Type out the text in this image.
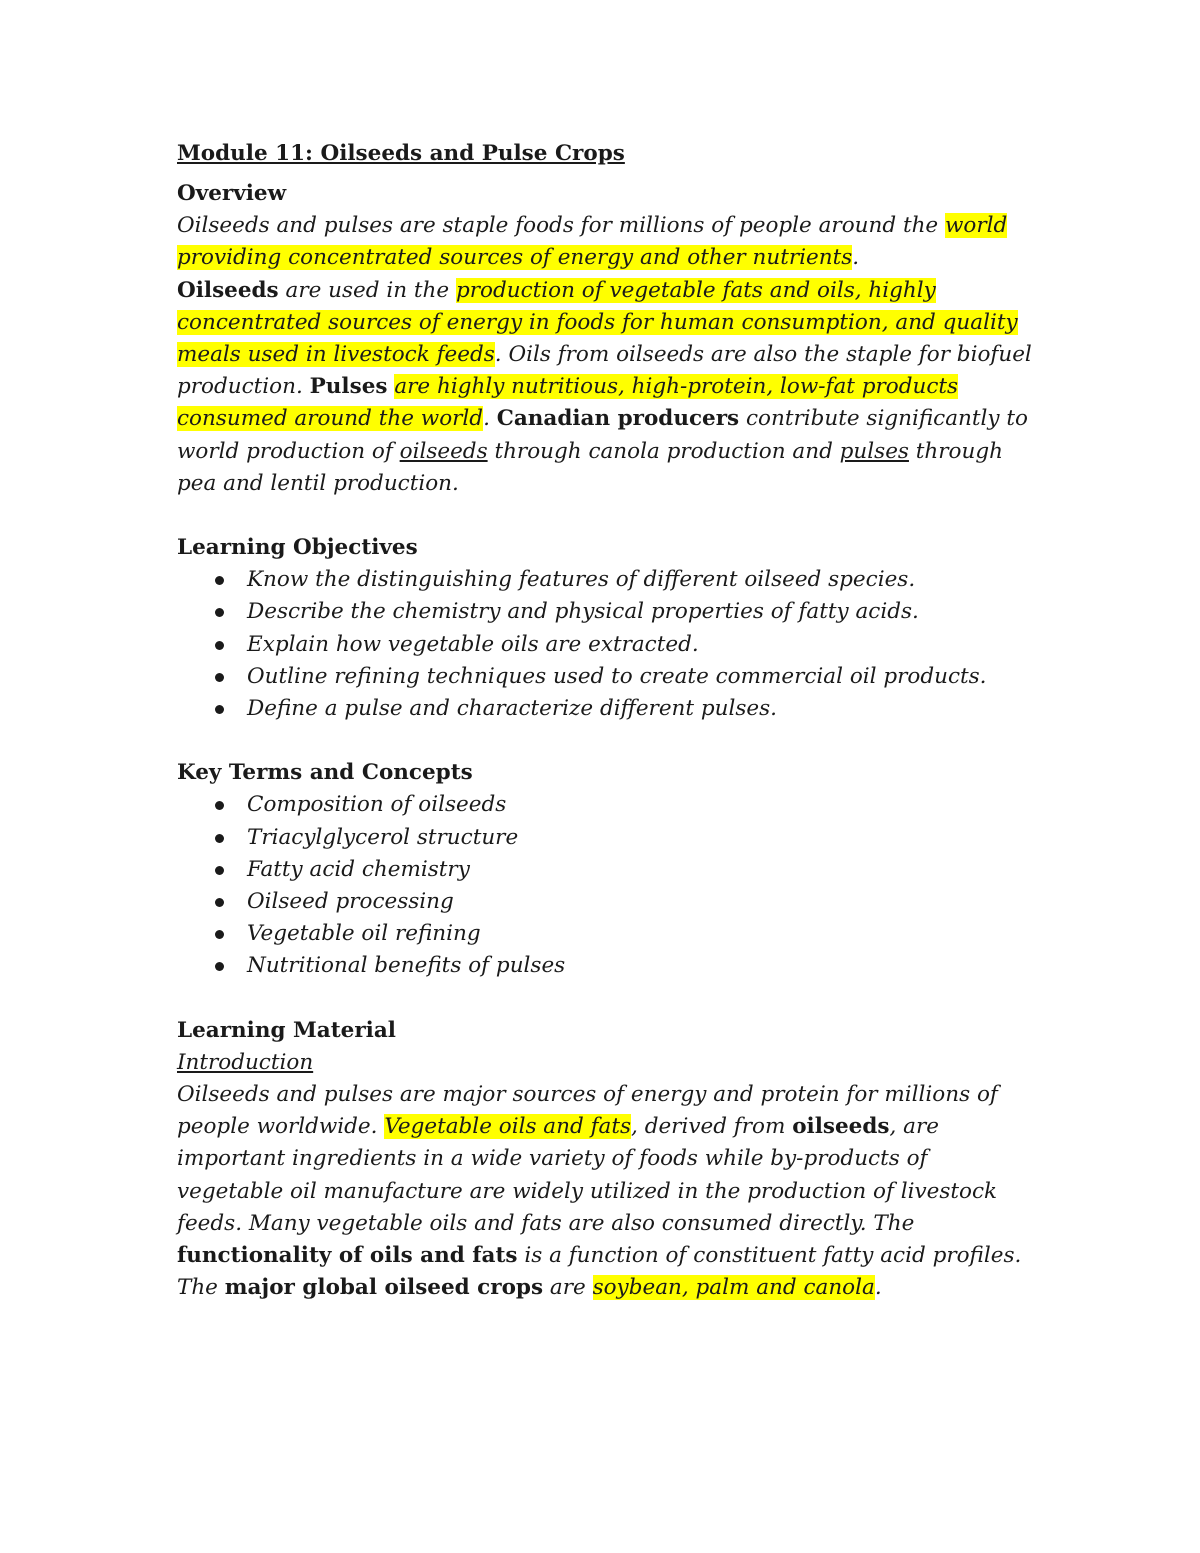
Module 11: Oilseeds and Pulse Crops
Overview

Oilseeds and pulses are staple foods for millions of people around the world providing concentrated sources of energy and other nutrients.
Oilseeds are used in the production of vegetable fats and oils, highly concentrated sources of energy in foods for human consumption, and quality meals used in livestock feeds. Oils from oilseeds are also the staple for biofuel production. Pulses are highly nutritious, high-protein, low-fat products consumed around the world. Canadian producers contribute significantly to world production of oilseeds through canola production and pulses through pea and lentil production.

Learning Objectives
Know the distinguishing features of different oilseed species.
Describe the chemistry and physical properties of fatty acids.
Explain how vegetable oils are extracted.
Outline refining techniques used to create commercial oil products.
Define a pulse and characterize different pulses.
Key Terms and Concepts
Composition of oilseeds
Triacylglycerol structure
Fatty acid chemistry
Oilseed processing
Vegetable oil refining
Nutritional benefits of pulses
Learning Material

Introduction

Oilseeds and pulses are major sources of energy and protein for millions of people worldwide. Vegetable oils and fats, derived from oilseeds, are important ingredients in a wide variety of foods while by-products of vegetable oil manufacture are widely utilized in the production of livestock feeds. Many vegetable oils and fats are also consumed directly. The functionality of oils and fats is a function of constituent fatty acid profiles. The major global oilseed crops are soybean, palm and canola.
